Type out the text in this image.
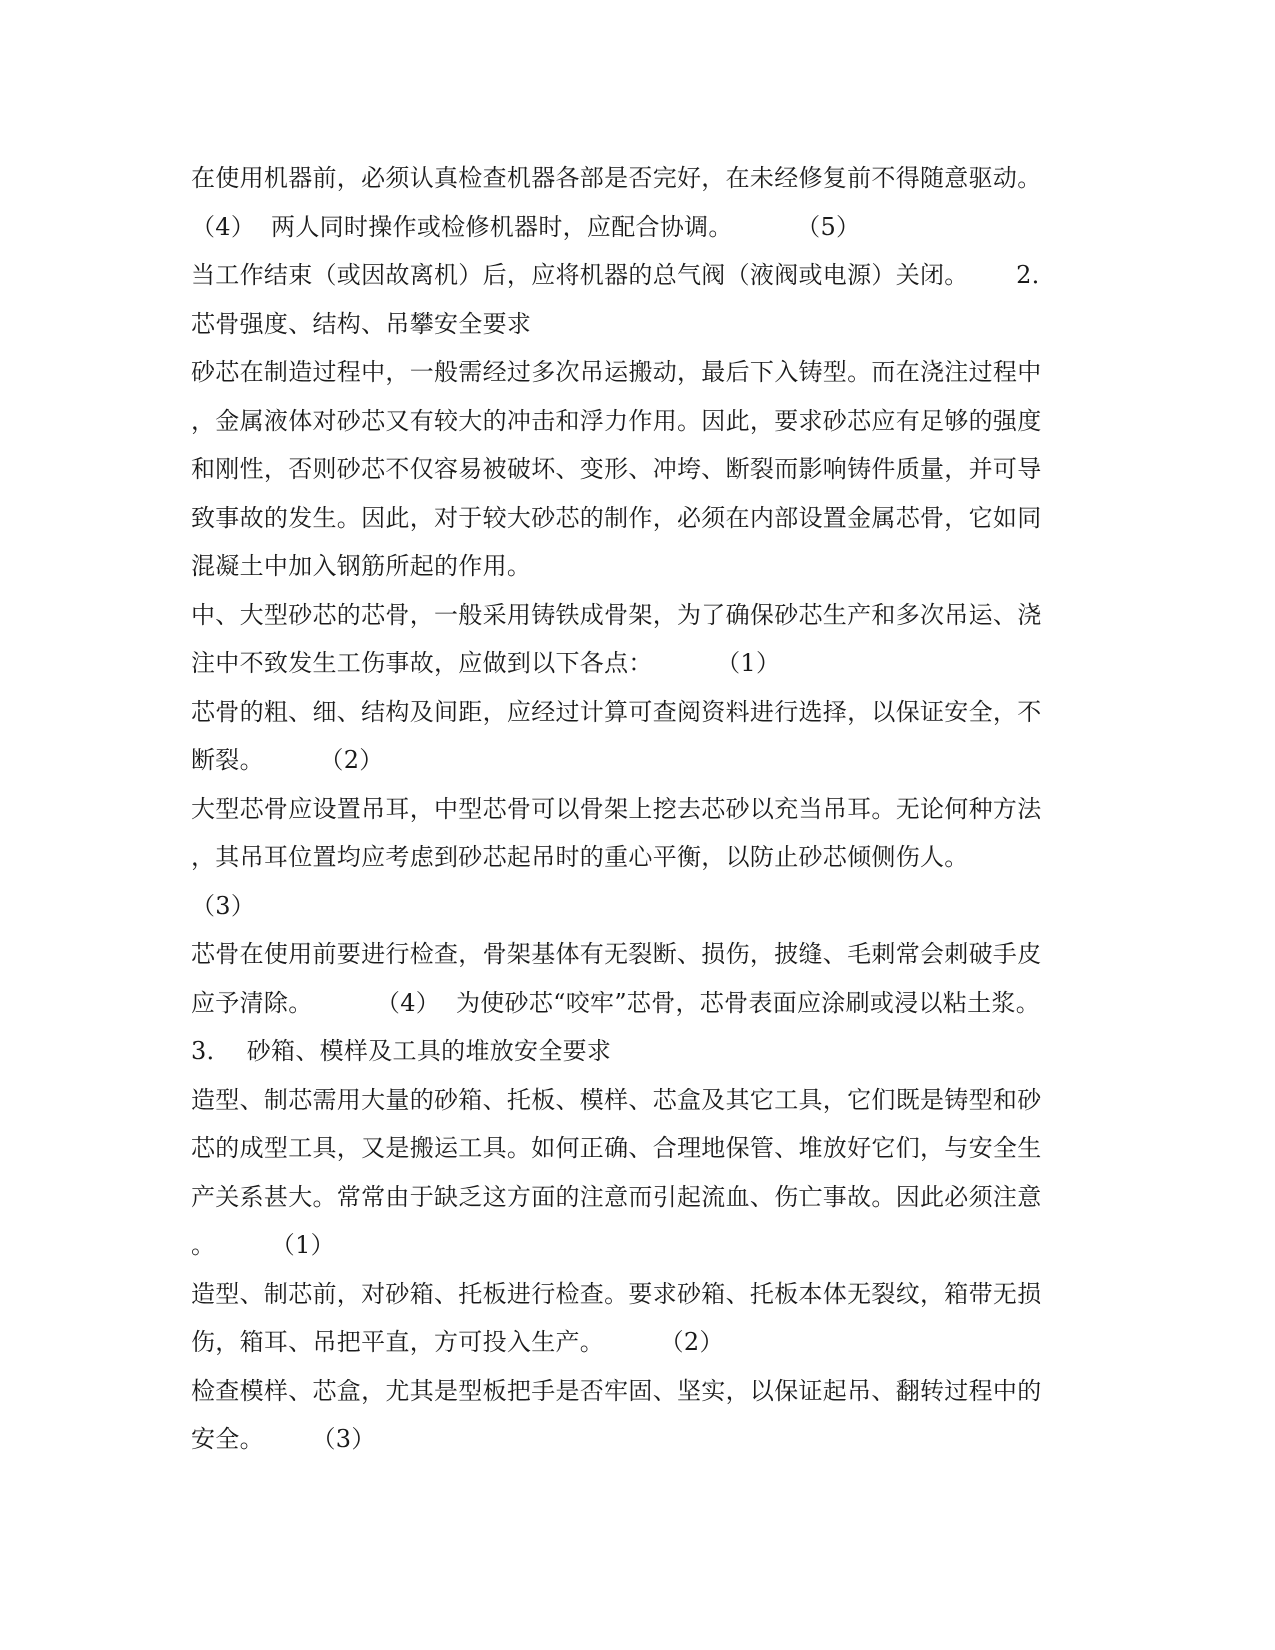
在使用机器前，必须认真检查机器各部是否完好，在未经修复前不得随意驱动。
（4）  两人同时操作或检修机器时，应配合协调。        （5）
当工作结束（或因故离机）后，应将机器的总气阀（液阀或电源）关闭。      2．
芯骨强度、结构、吊攀安全要求
砂芯在制造过程中，一般需经过多次吊运搬动，最后下入铸型。而在浇注过程中
，金属液体对砂芯又有较大的冲击和浮力作用。因此，要求砂芯应有足够的强度
和刚性，否则砂芯不仅容易被破坏、变形、冲垮、断裂而影响铸件质量，并可导
致事故的发生。因此，对于较大砂芯的制作，必须在内部设置金属芯骨，它如同
混凝土中加入钢筋所起的作用。
中、大型砂芯的芯骨，一般采用铸铁成骨架，为了确保砂芯生产和多次吊运、浇
注中不致发生工伤事故，应做到以下各点：        （1）
芯骨的粗、细、结构及间距，应经过计算可查阅资料进行选择，以保证安全，不
断裂。       （2）
大型芯骨应设置吊耳，中型芯骨可以骨架上挖去芯砂以充当吊耳。无论何种方法
，其吊耳位置均应考虑到砂芯起吊时的重心平衡，以防止砂芯倾侧伤人。
（3）
芯骨在使用前要进行检查，骨架基体有无裂断、损伤，披缝、毛刺常会刺破手皮
应予清除。        （4）  为使砂芯“咬牢”芯骨，芯骨表面应涂刷或浸以粘土浆。
3．  砂箱、模样及工具的堆放安全要求
造型、制芯需用大量的砂箱、托板、模样、芯盒及其它工具，它们既是铸型和砂
芯的成型工具，又是搬运工具。如何正确、合理地保管、堆放好它们，与安全生
产关系甚大。常常由于缺乏这方面的注意而引起流血、伤亡事故。因此必须注意
。       （1）
造型、制芯前，对砂箱、托板进行检查。要求砂箱、托板本体无裂纹，箱带无损
伤，箱耳、吊把平直，方可投入生产。       （2）
检查模样、芯盒，尤其是型板把手是否牢固、坚实，以保证起吊、翻转过程中的
安全。      （3）
